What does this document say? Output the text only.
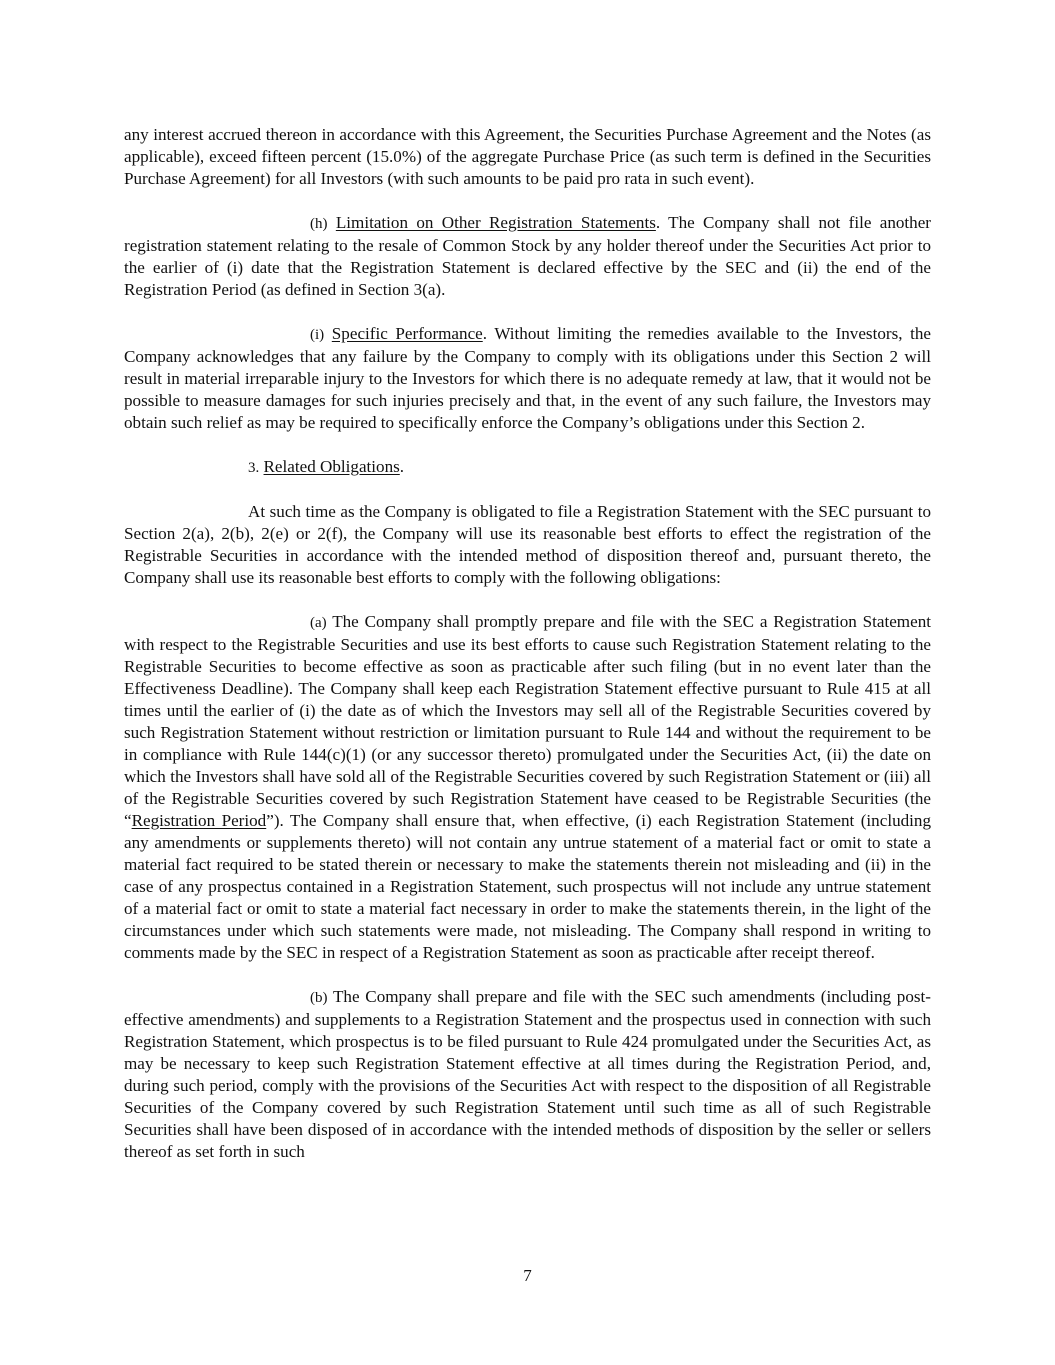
any interest accrued thereon in accordance with this Agreement, the Securities Purchase Agreement and the Notes (as applicable), exceed fifteen percent (15.0%) of the aggregate Purchase Price (as such term is defined in the Securities Purchase Agreement) for all Investors (with such amounts to be paid pro rata in such event).

(h) Limitation on Other Registration Statements. The Company shall not file another registration statement relating to the resale of Common Stock by any holder thereof under the Securities Act prior to the earlier of (i) date that the Registration Statement is declared effective by the SEC and (ii) the end of the Registration Period (as defined in Section 3(a).

(i) Specific Performance. Without limiting the remedies available to the Investors, the Company acknowledges that any failure by the Company to comply with its obligations under this Section 2 will result in material irreparable injury to the Investors for which there is no adequate remedy at law, that it would not be possible to measure damages for such injuries precisely and that, in the event of any such failure, the Investors may obtain such relief as may be required to specifically enforce the Company’s obligations under this Section 2.

3. Related Obligations.

At such time as the Company is obligated to file a Registration Statement with the SEC pursuant to Section 2(a), 2(b), 2(e) or 2(f), the Company will use its reasonable best efforts to effect the registration of the Registrable Securities in accordance with the intended method of disposition thereof and, pursuant thereto, the Company shall use its reasonable best efforts to comply with the following obligations:

(a) The Company shall promptly prepare and file with the SEC a Registration Statement with respect to the Registrable Securities and use its best efforts to cause such Registration Statement relating to the Registrable Securities to become effective as soon as practicable after such filing (but in no event later than the Effectiveness Deadline). The Company shall keep each Registration Statement effective pursuant to Rule 415 at all times until the earlier of (i) the date as of which the Investors may sell all of the Registrable Securities covered by such Registration Statement without restriction or limitation pursuant to Rule 144 and without the requirement to be in compliance with Rule 144(c)(1) (or any successor thereto) promulgated under the Securities Act, (ii) the date on which the Investors shall have sold all of the Registrable Securities covered by such Registration Statement or (iii) all of the Registrable Securities covered by such Registration Statement have ceased to be Registrable Securities (the “Registration Period”). The Company shall ensure that, when effective, (i) each Registration Statement (including any amendments or supplements thereto) will not contain any untrue statement of a material fact or omit to state a material fact required to be stated therein or necessary to make the statements therein not misleading and (ii) in the case of any prospectus contained in a Registration Statement, such prospectus will not include any untrue statement of a material fact or omit to state a material fact necessary in order to make the statements therein, in the light of the circumstances under which such statements were made, not misleading. The Company shall respond in writing to comments made by the SEC in respect of a Registration Statement as soon as practicable after receipt thereof.

(b) The Company shall prepare and file with the SEC such amendments (including post-effective amendments) and supplements to a Registration Statement and the prospectus used in connection with such Registration Statement, which prospectus is to be filed pursuant to Rule 424 promulgated under the Securities Act, as may be necessary to keep such Registration Statement effective at all times during the Registration Period, and, during such period, comply with the provisions of the Securities Act with respect to the disposition of all Registrable Securities of the Company covered by such Registration Statement until such time as all of such Registrable Securities shall have been disposed of in accordance with the intended methods of disposition by the seller or sellers thereof as set forth in such

7
